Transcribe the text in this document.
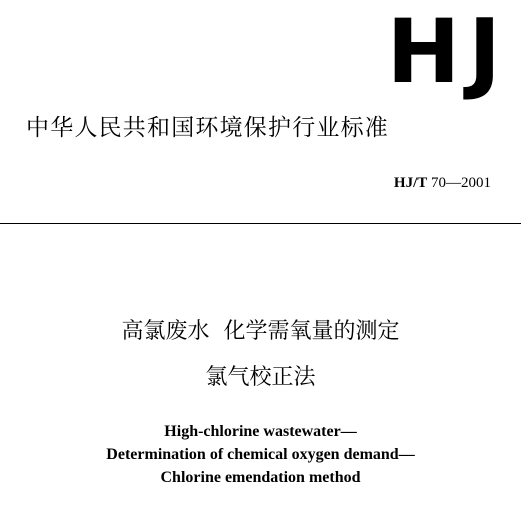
HJ
中华人民共和国环境保护行业标准
HJ/T 70—2001
高氯废水  化学需氧量的测定
氯气校正法
High-chlorine wastewater—
Determination of chemical oxygen demand—
Chlorine emendation method
